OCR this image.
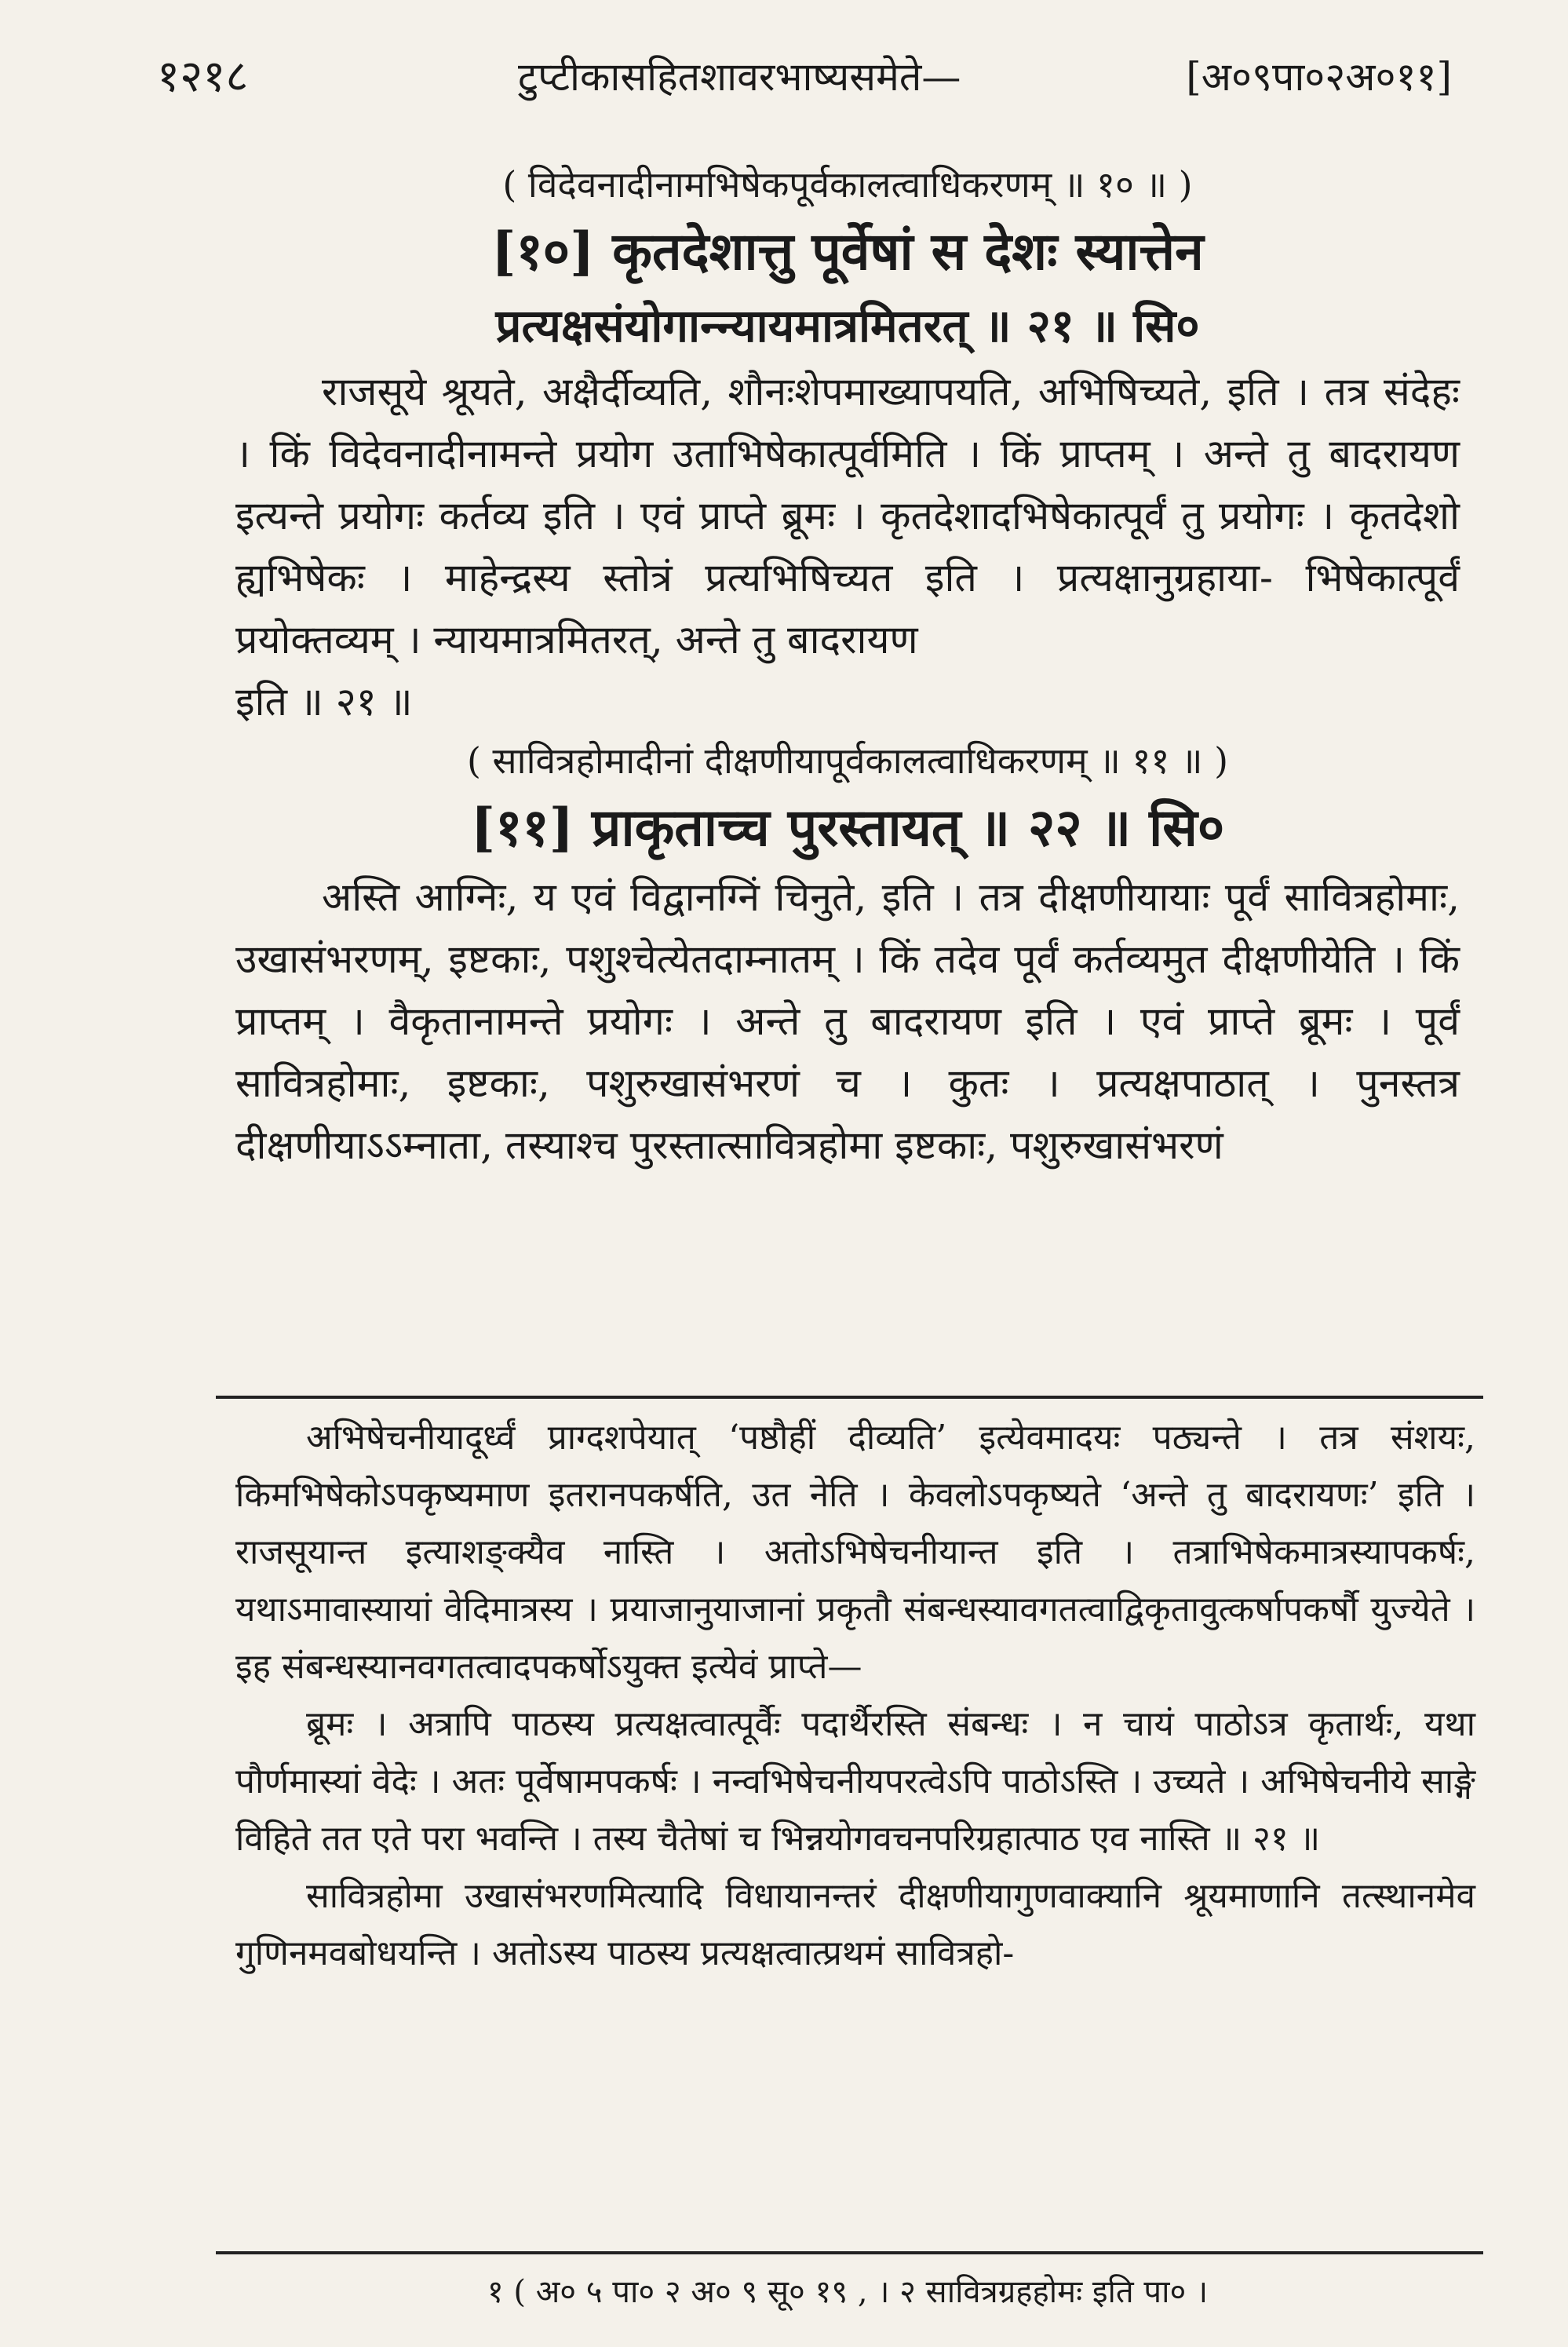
१२१८	टुप्टीकासहितशावरभाष्यसमेते—	[अ०९पा०२अ०११]

( विदेवनादीनामभिषेकपूर्वकालत्वाधिकरणम् ॥ १० ॥ )

[१०] कृतदेशात्तु पूर्वेषां स देशः स्यात्तेन

प्रत्यक्षसंयोगान्न्यायमात्रमितरत् ॥ २१ ॥ सि०

राजसूये श्रूयते, अक्षैर्दीव्यति, शौनःशेपमाख्यापयति, अभिषिच्यते, इति । तत्र संदेहः । किं विदेवनादीनामन्ते प्रयोग उताभिषेकात्पूर्वमिति । किं प्राप्तम् । अन्ते तु बादरायण इत्यन्ते प्रयोगः कर्तव्य इति । एवं प्राप्ते ब्रूमः । कृतदेशादभिषेकात्पूर्वं तु प्रयोगः । कृतदेशो ह्यभिषेकः । माहेन्द्रस्य स्तोत्रं प्रत्यभिषिच्यत इति । प्रत्यक्षानुग्रहाया- भिषेकात्पूर्वं प्रयोक्तव्यम् । न्यायमात्रमितरत्, अन्ते तु बादरायण

इति ॥ २१ ॥

( सावित्रहोमादीनां दीक्षणीयापूर्वकालत्वाधिकरणम् ॥ ११ ॥ )

[११] प्राकृताच्च पुरस्तायत् ॥ २२ ॥ सि०

अस्ति आग्निः, य एवं विद्वानग्निं चिनुते, इति । तत्र दीक्षणीयायाः पूर्वं सावित्रहोमाः, उखासंभरणम्, इष्टकाः, पशुश्चेत्येतदाम्नातम् । किं तदेव पूर्वं कर्तव्यमुत दीक्षणीयेति । किं प्राप्तम् । वैकृतानामन्ते प्रयोगः । अन्ते तु बादरायण इति । एवं प्राप्ते ब्रूमः । पूर्वं सावित्रहोमाः, इष्टकाः, पशुरुखासंभरणं च । कुतः । प्रत्यक्षपाठात् । पुनस्तत्र दीक्षणीयाऽऽम्नाता, तस्याश्च पुरस्तात्सावित्रहोमा इष्टकाः, पशुरुखासंभरणं

अभिषेचनीयादूर्ध्वं प्राग्दशपेयात् ‘पष्ठौहीं दीव्यति’ इत्येवमादयः पठ्यन्ते । तत्र संशयः, किमभिषेकोऽपकृष्यमाण इतरानपकर्षति, उत नेति । केवलोऽपकृष्यते ‘अन्ते तु बादरायणः’ इति । राजसूयान्त इत्याशङ्क्यैव नास्ति । अतोऽभिषेचनीयान्त इति । तत्राभिषेकमात्रस्यापकर्षः, यथाऽमावास्यायां वेदिमात्रस्य । प्रयाजानुयाजानां प्रकृतौ संबन्धस्यावगतत्वाद्विकृतावुत्कर्षापकर्षौ युज्येते । इह संबन्धस्यानवगतत्वादपकर्षोऽयुक्त इत्येवं प्राप्ते—

ब्रूमः । अत्रापि पाठस्य प्रत्यक्षत्वात्पूर्वैः पदार्थैरस्ति संबन्धः । न चायं पाठोऽत्र कृतार्थः, यथा पौर्णमास्यां वेदेः । अतः पूर्वेषामपकर्षः । नन्वभिषेचनीयपरत्वेऽपि पाठोऽस्ति । उच्यते । अभिषेचनीये साङ्गे विहिते तत एते परा भवन्ति । तस्य चैतेषां च भिन्नयोगवचनपरिग्रहात्पाठ एव नास्ति ॥ २१ ॥

सावित्रहोमा उखासंभरणमित्यादि विधायानन्तरं दीक्षणीयागुणवाक्यानि श्रूयमाणानि तत्स्थानमेव गुणिनमवबोधयन्ति । अतोऽस्य पाठस्य प्रत्यक्षत्वात्प्रथमं सावित्रहो-

१ ( अ० ५ पा० २ अ० ९ सू० १९ , । २ सावित्रग्रहहोमः इति पा० ।
